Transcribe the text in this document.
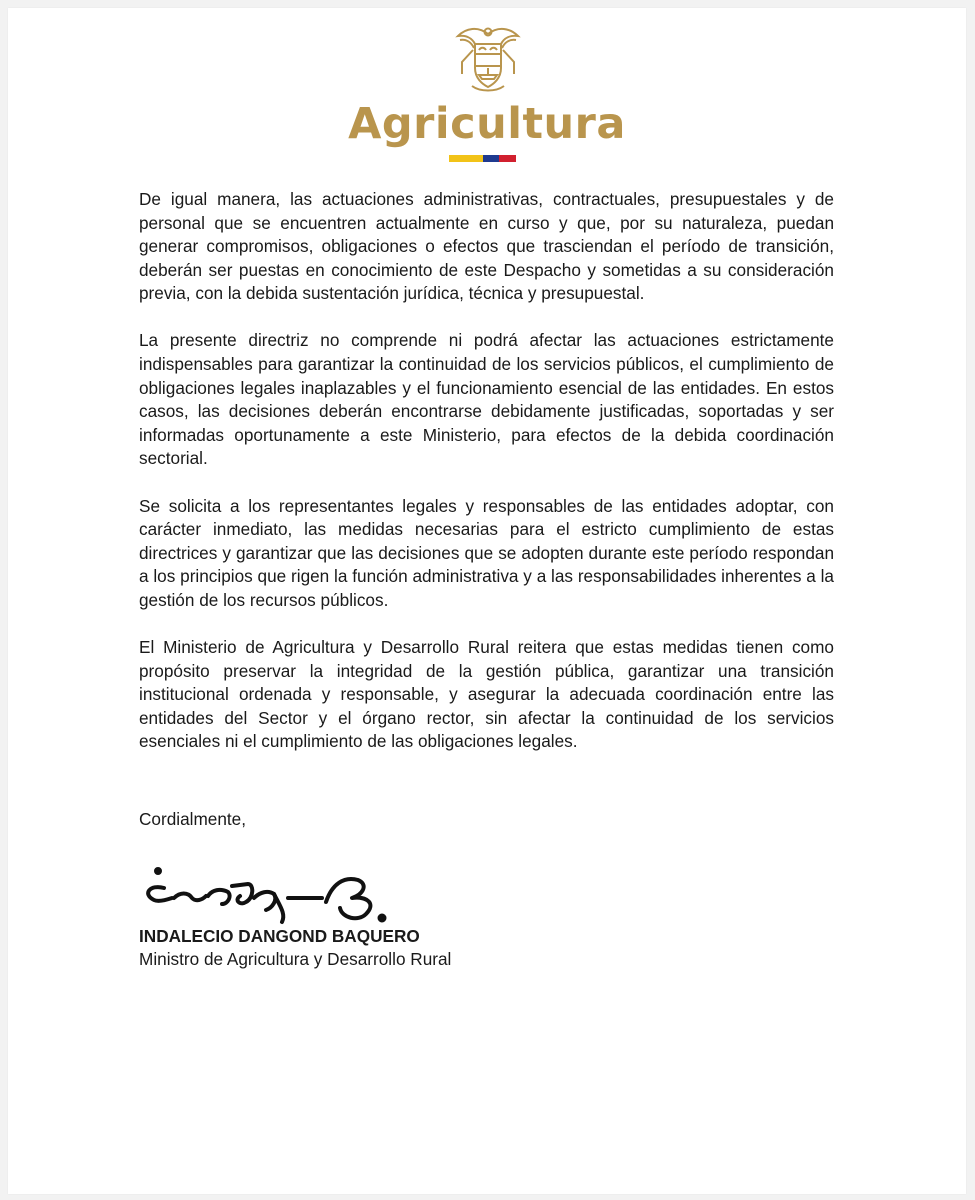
Agricultura

De igual manera, las actuaciones administrativas, contractuales, presupuestales y de personal que se encuentren actualmente en curso y que, por su naturaleza, puedan generar compromisos, obligaciones o efectos que trasciendan el período de transición, deberán ser puestas en conocimiento de este Despacho y sometidas a su consideración previa, con la debida sustentación jurídica, técnica y presupuestal.

La presente directriz no comprende ni podrá afectar las actuaciones estrictamente indispensables para garantizar la continuidad de los servicios públicos, el cumplimiento de obligaciones legales inaplazables y el funcionamiento esencial de las entidades. En estos casos, las decisiones deberán encontrarse debidamente justificadas, soportadas y ser informadas oportunamente a este Ministerio, para efectos de la debida coordinación sectorial.

Se solicita a los representantes legales y responsables de las entidades adoptar, con carácter inmediato, las medidas necesarias para el estricto cumplimiento de estas directrices y garantizar que las decisiones que se adopten durante este período respondan a los principios que rigen la función administrativa y a las responsabilidades inherentes a la gestión de los recursos públicos.

El Ministerio de Agricultura y Desarrollo Rural reitera que estas medidas tienen como propósito preservar la integridad de la gestión pública, garantizar una transición institucional ordenada y responsable, y asegurar la adecuada coordinación entre las entidades del Sector y el órgano rector, sin afectar la continuidad de los servicios esenciales ni el cumplimiento de las obligaciones legales.

Cordialmente,
INDALECIO DANGOND BAQUERO
Ministro de Agricultura y Desarrollo Rural
